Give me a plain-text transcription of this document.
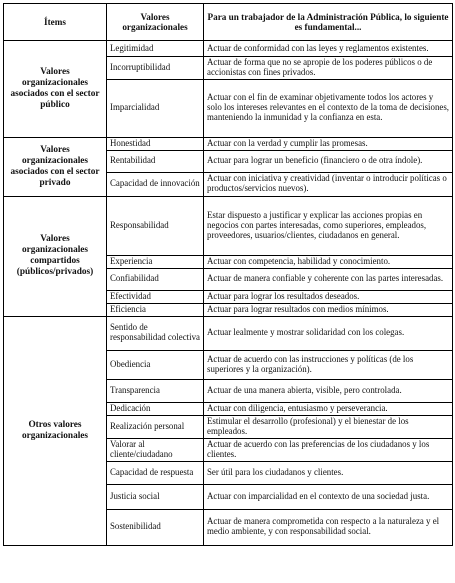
Ítems	Valores organizacionales	Para un trabajador de la Administración Pública, lo siguiente es fundamental...
Valores organizacionales asociados con el sector público	Legitimidad	Actuar de conformidad con las leyes y reglamentos existentes.
	Incorruptibilidad	Actuar de forma que no se apropie de los poderes públicos o de accionistas con fines privados.
	Imparcialidad	Actuar con el fin de examinar objetivamente todos los actores y solo los intereses relevantes en el contexto de la toma de decisiones, manteniendo la inmunidad y la confianza en esta.
Valores organizacionales asociados con el sector privado	Honestidad	Actuar con la verdad y cumplir las promesas.
	Rentabilidad	Actuar para lograr un beneficio (financiero o de otra índole).
	Capacidad de innovación	Actuar con iniciativa y creatividad (inventar o introducir políticas o productos/servicios nuevos).
Valores organizacionales compartidos (públicos/privados)	Responsabilidad	Estar dispuesto a justificar y explicar las acciones propias en negocios con partes interesadas, como superiores, empleados, proveedores, usuarios/clientes, ciudadanos en general.
	Experiencia	Actuar con competencia, habilidad y conocimiento.
	Confiabilidad	Actuar de manera confiable y coherente con las partes interesadas.
	Efectividad	Actuar para lograr los resultados deseados.
	Eficiencia	Actuar para lograr resultados con medios mínimos.
Otros valores organizacionales	Sentido de responsabilidad colectiva	Actuar lealmente y mostrar solidaridad con los colegas.
	Obediencia	Actuar de acuerdo con las instrucciones y políticas (de los superiores y la organización).
	Transparencia	Actuar de una manera abierta, visible, pero controlada.
	Dedicación	Actuar con diligencia, entusiasmo y perseverancia.
	Realización personal	Estimular el desarrollo (profesional) y el bienestar de los empleados.
	Valorar al cliente/ciudadano	Actuar de acuerdo con las preferencias de los ciudadanos y los clientes.
	Capacidad de respuesta	Ser útil para los ciudadanos y clientes.
	Justicia social	Actuar con imparcialidad en el contexto de una sociedad justa.
	Sostenibilidad	Actuar de manera comprometida con respecto a la naturaleza y el medio ambiente, y con responsabilidad social.
